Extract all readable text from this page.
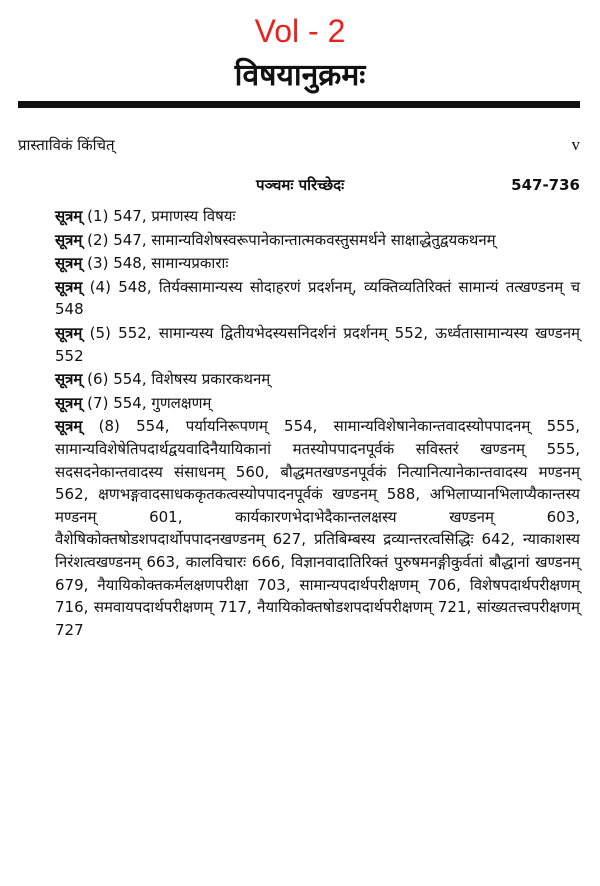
Vol - 2
विषयानुक्रमः
प्रास्ताविकं किंचित्	v
पञ्चमः परिच्छेदः	547-736
सूत्रम् (1) 547, प्रमाणस्य विषयः
सूत्रम् (2) 547, सामान्यविशेषस्वरूपानेकान्तात्मकवस्तुसमर्थने साक्षाद्धेतुद्वयकथनम्
सूत्रम् (3) 548, सामान्यप्रकाराः
सूत्रम् (4) 548, तिर्यक्सामान्यस्य सोदाहरणं प्रदर्शनम्, व्यक्तिव्यतिरिक्तं सामान्यं तत्खण्डनम् च 548
सूत्रम् (5) 552, सामान्यस्य द्वितीयभेदस्यसनिदर्शनं प्रदर्शनम् 552, ऊर्ध्वतासामान्यस्य खण्डनम् 552
सूत्रम् (6) 554, विशेषस्य प्रकारकथनम्
सूत्रम् (7) 554, गुणलक्षणम्
सूत्रम् (8) 554, पर्यायनिरूपणम् 554, सामान्यविशेषानेकान्तवादस्योपपादनम् 555, सामान्यविशेषेतिपदार्थद्वयवादिनैयायिकानां मतस्योपपादनपूर्वकं सविस्तरं खण्डनम् 555, सदसदनेकान्तवादस्य संसाधनम् 560, बौद्धमतखण्डनपूर्वकं नित्यानित्यानेकान्तवादस्य मण्डनम् 562, क्षणभङ्गवादसाधककृतकत्वस्योपपादनपूर्वकं खण्डनम् 588, अभिलाप्यानभिलाप्यैकान्तस्य मण्डनम् 601, कार्यकारणभेदाभेदैकान्तलक्षस्य खण्डनम् 603, वैशेषिकोक्तषोडशपदार्थोपपादनखण्डनम् 627, प्रतिबिम्बस्य द्रव्यान्तरत्वसिद्धिः 642, न्याकाशस्य निरंशत्वखण्डनम् 663, कालविचारः 666, विज्ञानवादातिरिक्तं पुरुषमनङ्गीकुर्वतां बौद्धानां खण्डनम् 679, नैयायिकोक्तकर्मलक्षणपरीक्षा 703, सामान्यपदार्थपरीक्षणम् 706, विशेषपदार्थपरीक्षणम् 716, समवायपदार्थपरीक्षणम् 717, नैयायिकोक्तषोडशपदार्थपरीक्षणम् 721, सांख्यतत्त्वपरीक्षणम् 727
